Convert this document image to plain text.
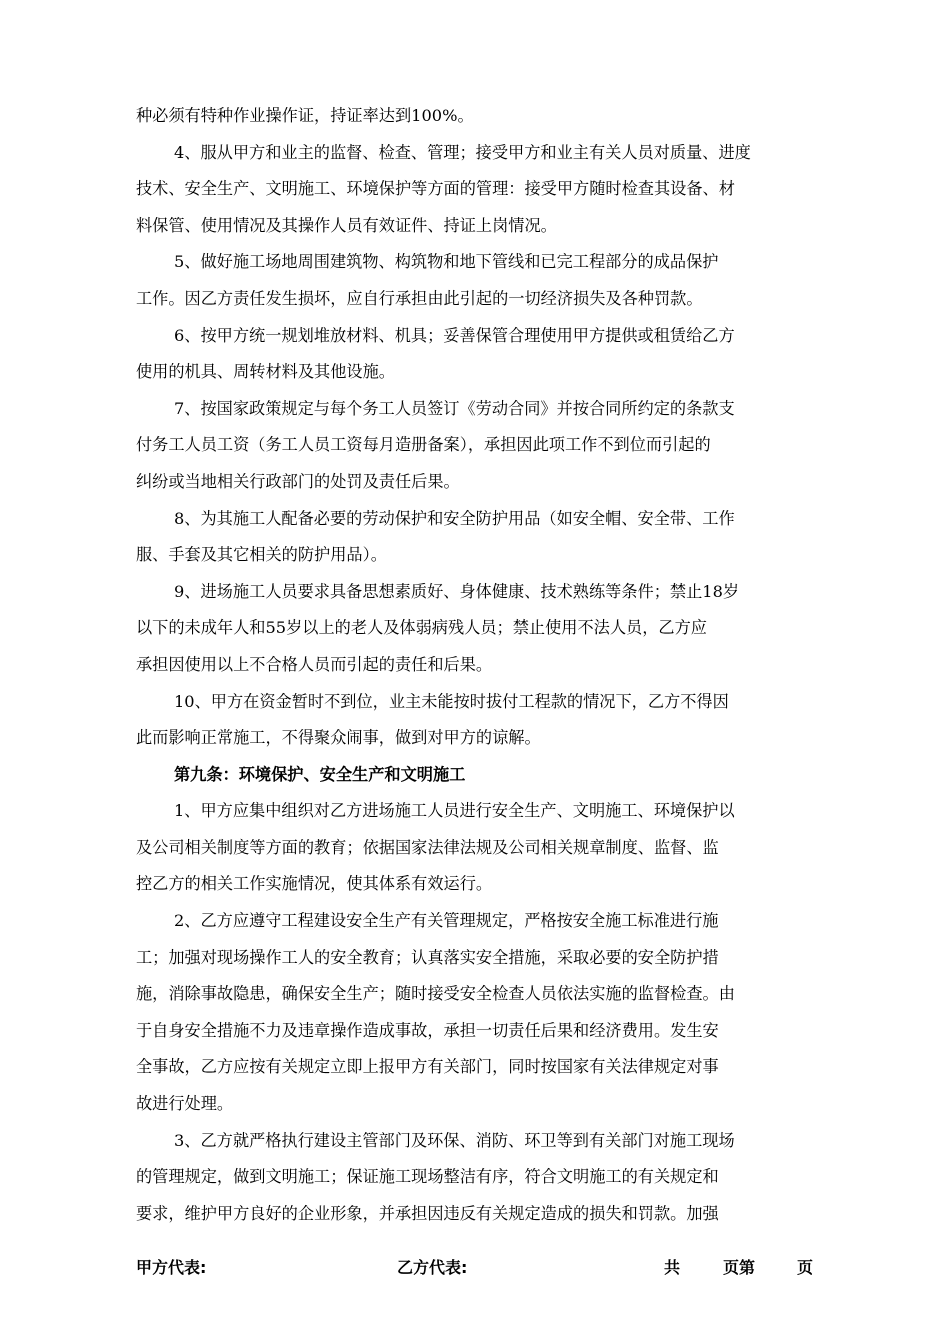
种必须有特种作业操作证，持证率达到100%。
4、服从甲方和业主的监督、检查、管理；接受甲方和业主有关人员对质量、进度
技术、安全生产、文明施工、环境保护等方面的管理：接受甲方随时检查其设备、材
料保管、使用情况及其操作人员有效证件、持证上岗情况。
5、做好施工场地周围建筑物、构筑物和地下管线和已完工程部分的成品保护
工作。因乙方责任发生损坏，应自行承担由此引起的一切经济损失及各种罚款。
6、按甲方统一规划堆放材料、机具；妥善保管合理使用甲方提供或租赁给乙方
使用的机具、周转材料及其他设施。
7、按国家政策规定与每个务工人员签订《劳动合同》并按合同所约定的条款支
付务工人员工资（务工人员工资每月造册备案），承担因此项工作不到位而引起的
纠纷或当地相关行政部门的处罚及责任后果。
8、为其施工人配备必要的劳动保护和安全防护用品（如安全帽、安全带、工作
服、手套及其它相关的防护用品）。
9、进场施工人员要求具备思想素质好、身体健康、技术熟练等条件；禁止18岁
以下的未成年人和55岁以上的老人及体弱病残人员；禁止使用不法人员，乙方应
承担因使用以上不合格人员而引起的责任和后果。
10、甲方在资金暂时不到位，业主未能按时拔付工程款的情况下，乙方不得因
此而影响正常施工，不得聚众闹事，做到对甲方的谅解。
第九条：环境保护、安全生产和文明施工
1、甲方应集中组织对乙方进场施工人员进行安全生产、文明施工、环境保护以
及公司相关制度等方面的教育；依据国家法律法规及公司相关规章制度、监督、监
控乙方的相关工作实施情况，使其体系有效运行。
2、乙方应遵守工程建设安全生产有关管理规定，严格按安全施工标准进行施
工；加强对现场操作工人的安全教育；认真落实安全措施，采取必要的安全防护措
施，消除事故隐患，确保安全生产；随时接受安全检查人员依法实施的监督检查。由
于自身安全措施不力及违章操作造成事故，承担一切责任后果和经济费用。发生安
全事故，乙方应按有关规定立即上报甲方有关部门，同时按国家有关法律规定对事
故进行处理。
3、乙方就严格执行建设主管部门及环保、消防、环卫等到有关部门对施工现场
的管理规定，做到文明施工；保证施工现场整洁有序，符合文明施工的有关规定和
要求，维护甲方良好的企业形象，并承担因违反有关规定造成的损失和罚款。加强
甲方代表:	乙方代表:	共	页第	页
